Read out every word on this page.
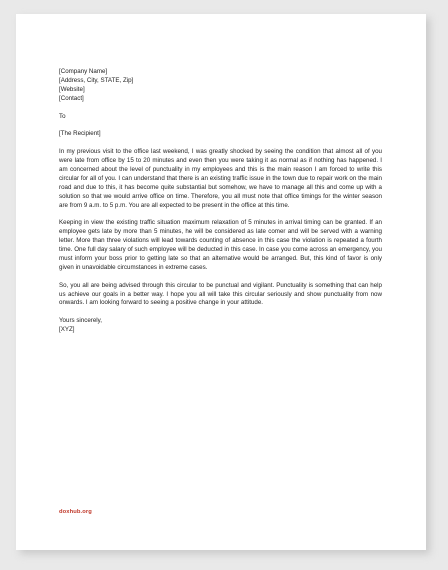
[Company Name]
[Address, City, STATE, Zip]
[Website]
[Contact]
To
[The Recipient]

In my previous visit to the office last weekend, I was greatly shocked by seeing the condition that almost all of you were late from office by 15 to 20 minutes and even then you were taking it as normal as if nothing has happened. I am concerned about the level of punctuality in my employees and this is the main reason I am forced to write this circular for all of you. I can understand that there is an existing traffic issue in the town due to repair work on the main road and due to this, it has become quite substantial but somehow, we have to manage all this and come up with a solution so that we would arrive office on time. Therefore, you all must note that office timings for the winter season are from 9 a.m. to 5 p.m. You are all expected to be present in the office at this time.

Keeping in view the existing traffic situation maximum relaxation of 5 minutes in arrival timing can be granted. If an employee gets late by more than 5 minutes, he will be considered as late comer and will be served with a warning letter. More than three violations will lead towards counting of absence in this case the violation is repeated a fourth time. One full day salary of such employee will be deducted in this case. In case you come across an emergency, you must inform your boss prior to getting late so that an alternative would be arranged. But, this kind of favor is only given in unavoidable circumstances in extreme cases.

So, you all are being advised through this circular to be punctual and vigilant. Punctuality is something that can help us achieve our goals in a better way. I hope you all will take this circular seriously and show punctuality from now onwards. I am looking forward to seeing a positive change in your attitude.

Yours sincerely,
[XYZ]
doxhub.org
